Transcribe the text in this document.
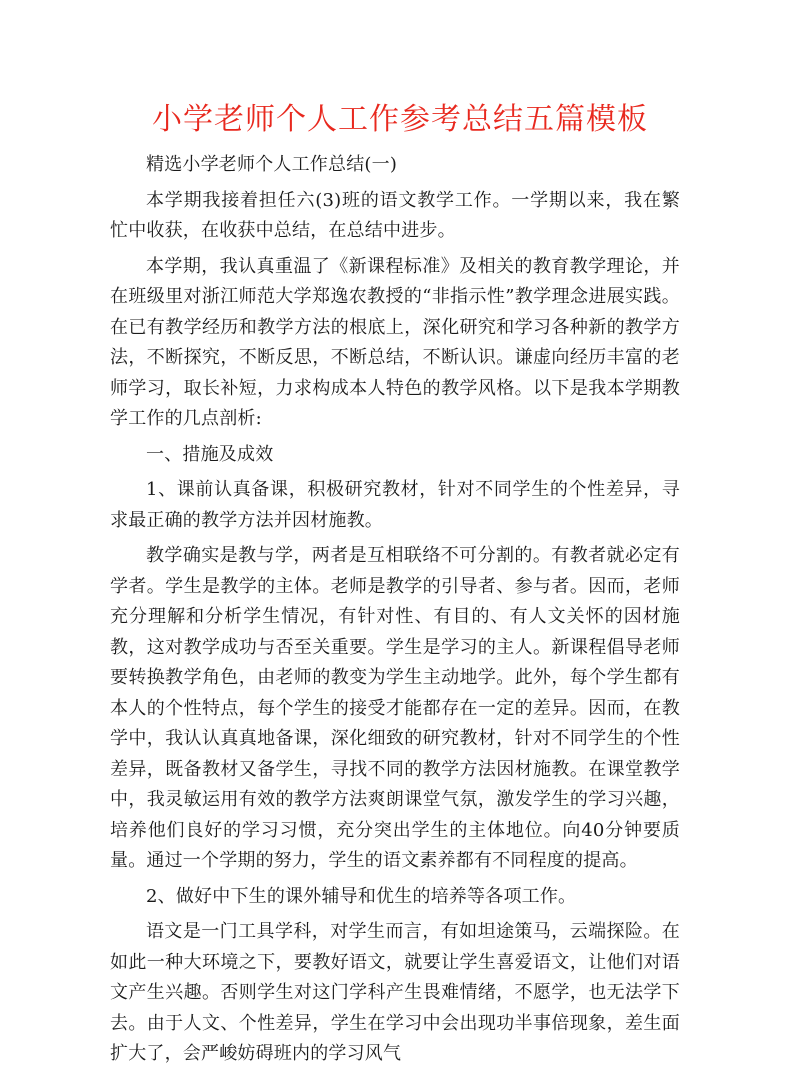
小学老师个人工作参考总结五篇模板

精选小学老师个人工作总结(一)

本学期我接着担任六(3)班的语文教学工作。一学期以来，我在繁忙中收获，在收获中总结，在总结中进步。

本学期，我认真重温了《新课程标准》及相关的教育教学理论，并在班级里对浙江师范大学郑逸农教授的“非指示性”教学理念进展实践。在已有教学经历和教学方法的根底上，深化研究和学习各种新的教学方法，不断探究，不断反思，不断总结，不断认识。谦虚向经历丰富的老师学习，取长补短，力求构成本人特色的教学风格。以下是我本学期教学工作的几点剖析:

一、措施及成效

1、课前认真备课，积极研究教材，针对不同学生的个性差异，寻求最正确的教学方法并因材施教。

教学确实是教与学，两者是互相联络不可分割的。有教者就必定有学者。学生是教学的主体。老师是教学的引导者、参与者。因而，老师充分理解和分析学生情况，有针对性、有目的、有人文关怀的因材施教，这对教学成功与否至关重要。学生是学习的主人。新课程倡导老师要转换教学角色，由老师的教变为学生主动地学。此外，每个学生都有本人的个性特点，每个学生的接受才能都存在一定的差异。因而，在教学中，我认认真真地备课，深化细致的研究教材，针对不同学生的个性差异，既备教材又备学生，寻找不同的教学方法因材施教。在课堂教学中，我灵敏运用有效的教学方法爽朗课堂气氛，激发学生的学习兴趣，培养他们良好的学习习惯，充分突出学生的主体地位。向40分钟要质量。通过一个学期的努力，学生的语文素养都有不同程度的提高。

2、做好中下生的课外辅导和优生的培养等各项工作。

语文是一门工具学科，对学生而言，有如坦途策马，云端探险。在如此一种大环境之下，要教好语文，就要让学生喜爱语文，让他们对语文产生兴趣。否则学生对这门学科产生畏难情绪，不愿学，也无法学下去。由于人文、个性差异，学生在学习中会出现功半事倍现象，差生面扩大了，会严峻妨碍班内的学习风气
